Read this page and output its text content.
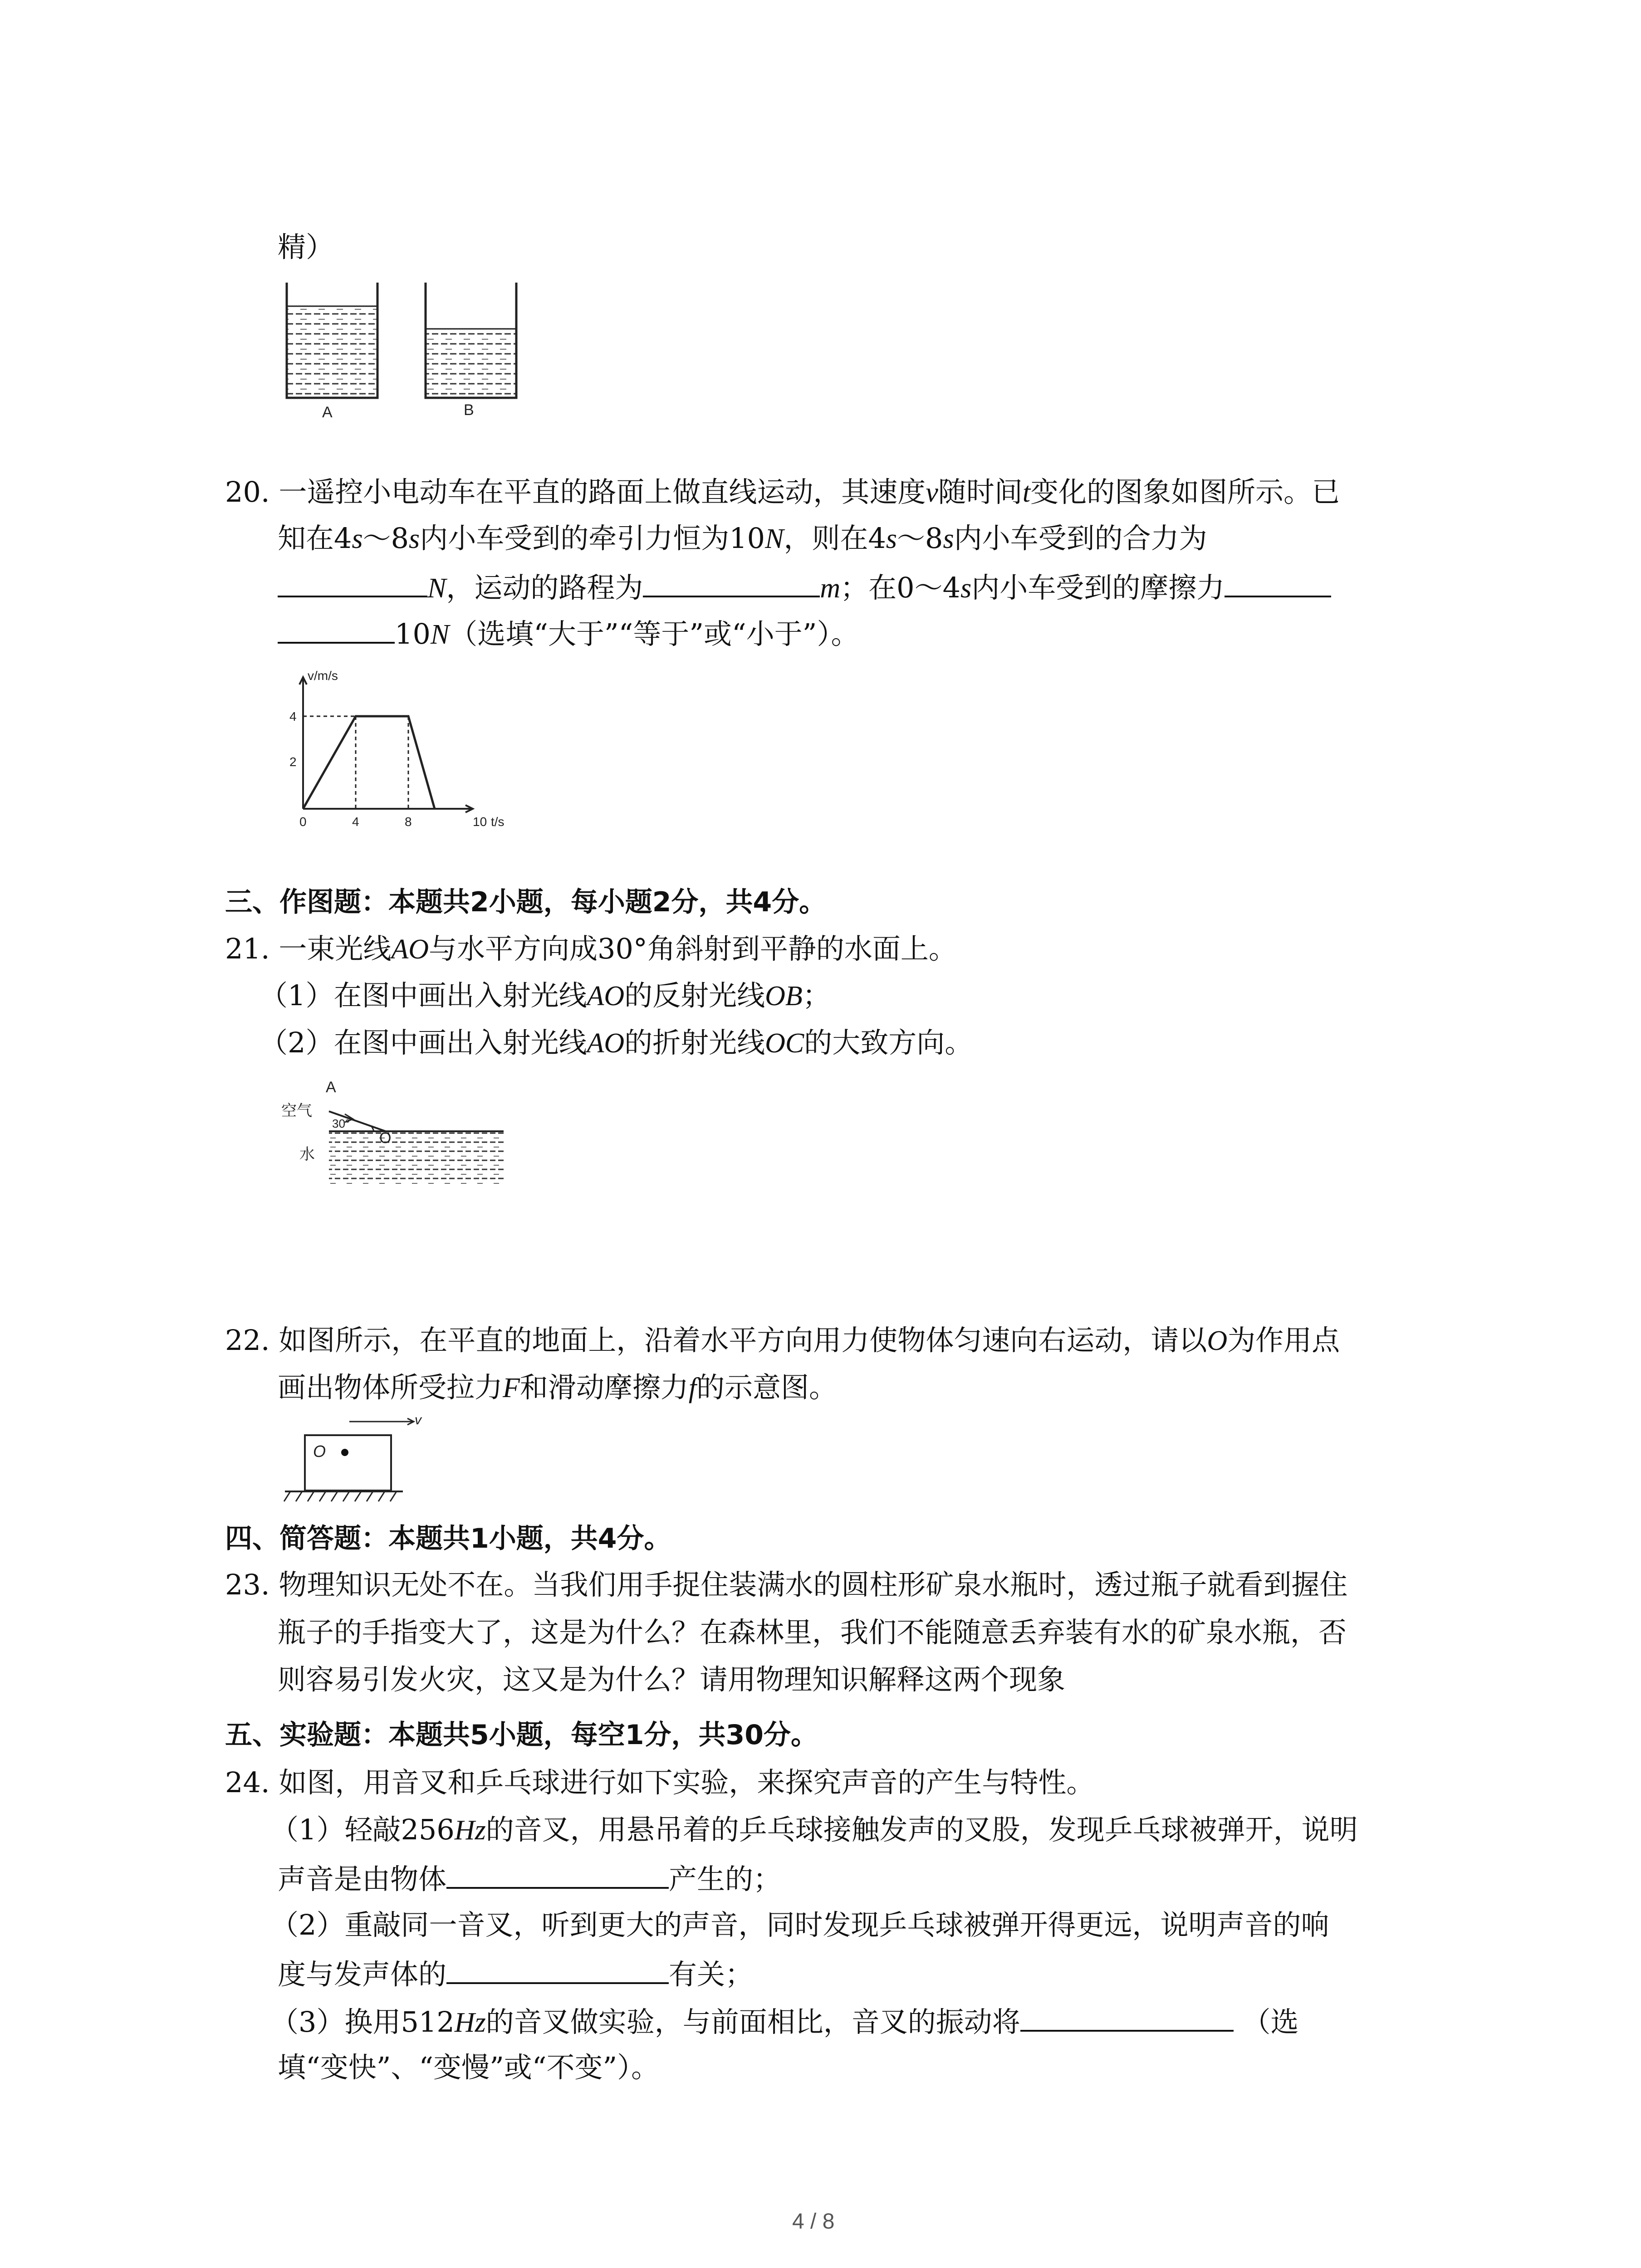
精）
A	B
20. 一遥控小电动车在平直的路面上做直线运动，其速度v随时间t变化的图象如图所示。已
知在4s～8s内小车受到的牵引力恒为10N，则在4s～8s内小车受到的合力为
N，运动的路程为	m；在0～4s内小车受到的摩擦力
10N（选填“大于”“等于”或“小于”）。
v/m/s
4
2
0	4	8	10 t/s
三、作图题：本题共2小题，每小题2分，共4分。
21. 一束光线AO与水平方向成30°角斜射到平静的水面上。
（1）在图中画出入射光线AO的反射光线OB；
（2）在图中画出入射光线AO的折射光线OC的大致方向。
A
空气
30°
O
水
22. 如图所示，在平直的地面上，沿着水平方向用力使物体匀速向右运动，请以O为作用点
画出物体所受拉力F和滑动摩擦力f的示意图。
v
O
四、简答题：本题共1小题，共4分。
23. 物理知识无处不在。当我们用手捉住装满水的圆柱形矿泉水瓶时，透过瓶子就看到握住
瓶子的手指变大了，这是为什么？在森林里，我们不能随意丢弃装有水的矿泉水瓶，否
则容易引发火灾，这又是为什么？请用物理知识解释这两个现象
五、实验题：本题共5小题，每空1分，共30分。
24. 如图，用音叉和乒乓球进行如下实验，来探究声音的产生与特性。
（1）轻敲256Hz的音叉，用悬吊着的乒乓球接触发声的叉股，发现乒乓球被弹开，说明
声音是由物体	产生的；
（2）重敲同一音叉，听到更大的声音，同时发现乒乓球被弹开得更远，说明声音的响
度与发声体的	有关；
（3）换用512Hz的音叉做实验，与前面相比，音叉的振动将	（选
填“变快”、“变慢”或“不变”）。
4 / 8
